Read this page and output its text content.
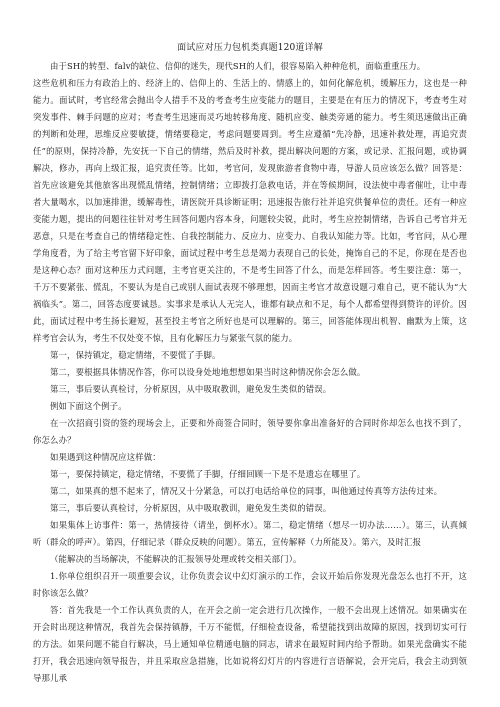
面试应对压力包机类真题120道详解

由于SH的转型、falv的缺位、信仰的迷失，现代SH的人们，很容易陷入种种危机，面临重重压力。

这些危机和压力有政治上的、经济上的、信仰上的、生活上的、情感上的，如何化解危机，缓解压力，这也是一种能力。面试时，考官经常会抛出令人措手不及的考查考生应变能力的题目，主要是在有压力的情况下，考查考生对突发事件、棘手问题的应对；考查考生迅速而灵巧地转移角度、随机应变、触类旁通的能力。考生须迅速做出正确的判断和处理，思维反应要敏捷，情绪要稳定，考虑问题要周到。考生应遵循“先冷静，迅速补救处理，再追究责任”的原则，保持冷静，先安抚一下自己的情绪，然后及时补救，提出解决问题的方案，或记录、汇报问题，或协调解决，修办，再向上级汇报，追究责任等。比如，考官问，发现旅游者食物中毒，导游人员应该怎么做？回答是：首先应该避免其他旅客出现慌乱情绪，控制情绪；立即拨打急救电话，并在等候期间，设法使中毒者催吐，让中毒者大量喝水，以加速排泄，缓解毒性，请医院开具诊断证明；迅速报告旅行社并追究供餐单位的责任。还有一种应变能力题，提出的问题往往针对考生回答问题内容本身，问题较尖锐，此时，考生应控制情绪，告诉自己考官并无恶意，只是在考查自己的情绪稳定性、自我控制能力、反应力、应变力、自我认知能力等。比如，考官问，从心理学角度看，为了给主考官留下好印象，面试过程中考生总是竭力表现自己的长处，掩饰自己的不足，你现在是否也是这种心态？面对这种压力式问题，主考官更关注的，不是考生回答了什么，而是怎样回答。考生要注意：第一，千万不要紧张、慌乱，不要认为是自己或别人面试表现不够理想，因而主考官才故意设题刁难自己，更不能认为“大祸临头”。第二，回答态度要诚恳。实事求是承认人无完人，谁都有缺点和不足，每个人都希望得到赞许的评价。因此，面试过程中考生扬长避短，甚至投主考官之所好也是可以理解的。第三，回答能体现出机智、幽默为上策，这样考官会认为，考生不仅处变不惊，且有化解压力与紧张气氛的能力。

第一，保持镇定，稳定情绪，不要慌了手脚。

第二，要根据具体情况作答，你可以设身处地地想想如果当时这种情况你会怎么做。

第三，事后要认真检讨，分析原因，从中吸取教训，避免发生类似的错误。

例如下面这个例子。

在一次招商引资的签约现场会上，正要和外商签合同时，领导要你拿出准备好的合同时你却怎么也找不到了，你怎么办？

如果遇到这种情况应这样做：

第一，要保持镇定，稳定情绪，不要慌了手脚，仔细回顾一下是不是遗忘在哪里了。

第二，如果真的想不起来了，情况又十分紧急，可以打电话给单位的同事，叫他通过传真等方法传过来。

第三，事后要认真检讨，分析原因，从中吸取教训，避免发生类似的错误。

如果集体上访事件：第一，热情接待（请坐，倒杯水）。第二，稳定情绪（想尽一切办法……）。第三，认真倾听（群众的呼声）。第四，仔细记录（群众反映的问题）。第五，宣传解释（力所能及）。第六，及时汇报

（能解决的当场解决，不能解决的汇报领导处理或转交相关部门）。

1.你单位组织召开一项重要会议，让你负责会议中幻灯演示的工作，会议开始后你发现光盘怎么也打不开，这时你该怎么做？

答：首先我是一个工作认真负责的人，在开会之前一定会进行几次操作，一般不会出现上述情况。如果确实在开会时出现这种情况，我首先会保持镇静，千万不能慌，仔细检查设备，希望能找到出故障的原因，找到切实可行的方法。如果问题不能自行解决，马上通知单位精通电脑的同志，请求在最短时间内给予帮助。如果光盘确实不能打开，我会迅速向领导报告，并且采取应急措施，比如说将幻灯片的内容进行言语解说，会开完后，我会主动到领导那儿承
